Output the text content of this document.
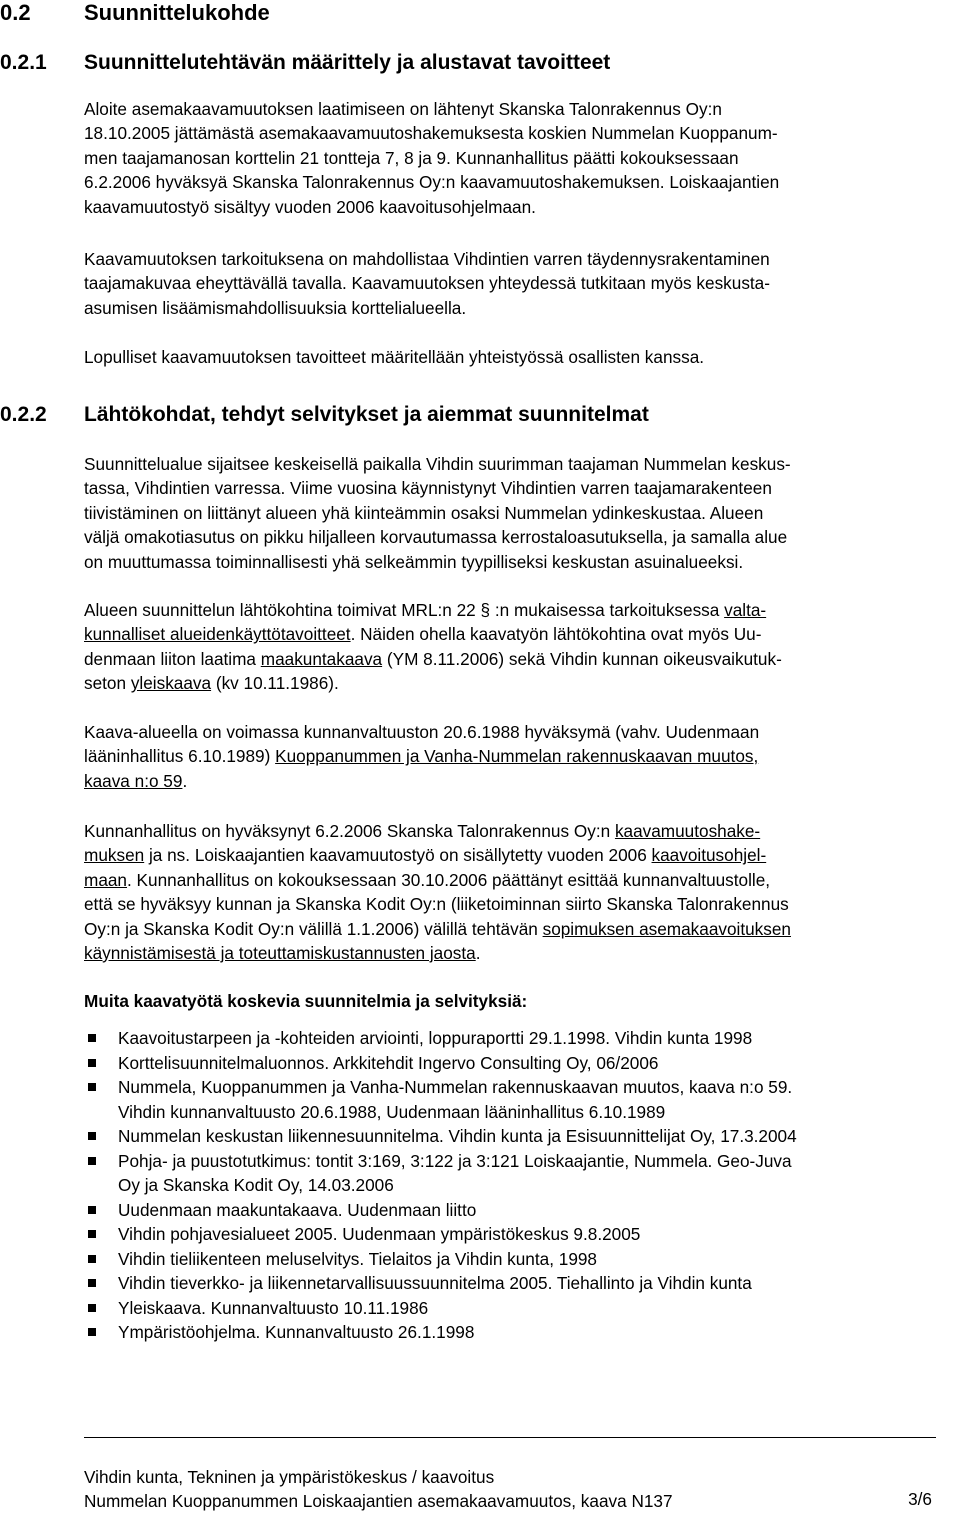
0.2 Suunnittelukohde
0.2.1 Suunnittelutehtävän määrittely ja alustavat tavoitteet
Aloite asemakaavamuutoksen laatimiseen on lähtenyt Skanska Talonrakennus Oy:n
18.10.2005 jättämästä asemakaavamuutoshakemuksesta koskien Nummelan Kuoppanum-
men taajamanosan korttelin 21 tontteja 7, 8 ja 9. Kunnanhallitus päätti kokouksessaan
6.2.2006 hyväksyä Skanska Talonrakennus Oy:n kaavamuutoshakemuksen. Loiskaajantien
kaavamuutostyö sisältyy vuoden 2006 kaavoitusohjelmaan.
Kaavamuutoksen tarkoituksena on mahdollistaa Vihdintien varren täydennysrakentaminen
taajamakuvaa eheyttävällä tavalla. Kaavamuutoksen yhteydessä tutkitaan myös keskusta-
asumisen lisäämismahdollisuuksia korttelialueella.
Lopulliset kaavamuutoksen tavoitteet määritellään yhteistyössä osallisten kanssa.
0.2.2 Lähtökohdat, tehdyt selvitykset ja aiemmat suunnitelmat
Suunnittelualue sijaitsee keskeisellä paikalla Vihdin suurimman taajaman Nummelan keskus-
tassa, Vihdintien varressa. Viime vuosina käynnistynyt Vihdintien varren taajamarakenteen
tiivistäminen on liittänyt alueen yhä kiinteämmin osaksi Nummelan ydinkeskustaa. Alueen
väljä omakotiasutus on pikku hiljalleen korvautumassa kerrostaloasutuksella, ja samalla alue
on muuttumassa toiminnallisesti yhä selkeämmin tyypilliseksi keskustan asuinalueeksi.
Alueen suunnittelun lähtökohtina toimivat MRL:n 22 § :n mukaisessa tarkoituksessa valta-
kunnalliset alueidenkäyttötavoitteet. Näiden ohella kaavatyön lähtökohtina ovat myös Uu-
denmaan liiton laatima maakuntakaava (YM 8.11.2006) sekä Vihdin kunnan oikeusvaikutuk-
seton yleiskaava (kv 10.11.1986).
Kaava-alueella on voimassa kunnanvaltuuston 20.6.1988 hyväksymä (vahv. Uudenmaan
lääninhallitus 6.10.1989) Kuoppanummen ja Vanha-Nummelan rakennuskaavan muutos,
kaava n:o 59.
Kunnanhallitus on hyväksynyt 6.2.2006 Skanska Talonrakennus Oy:n kaavamuutoshake-
muksen ja ns. Loiskaajantien kaavamuutostyö on sisällytetty vuoden 2006 kaavoitusohjel-
maan. Kunnanhallitus on kokouksessaan 30.10.2006 päättänyt esittää kunnanvaltuustolle,
että se hyväksyy kunnan ja Skanska Kodit Oy:n (liiketoiminnan siirto Skanska Talonrakennus
Oy:n ja Skanska Kodit Oy:n välillä 1.1.2006) välillä tehtävän sopimuksen asemakaavoituksen
käynnistämisestä ja toteuttamiskustannusten jaosta.
Muita kaavatyötä koskevia suunnitelmia ja selvityksiä:
Kaavoitustarpeen ja -kohteiden arviointi, loppuraportti 29.1.1998. Vihdin kunta 1998
Korttelisuunnitelmaluonnos. Arkkitehdit Ingervo Consulting Oy, 06/2006
Nummela, Kuoppanummen ja Vanha-Nummelan rakennuskaavan muutos, kaava n:o 59.
Vihdin kunnanvaltuusto 20.6.1988, Uudenmaan lääninhallitus 6.10.1989
Nummelan keskustan liikennesuunnitelma. Vihdin kunta ja Esisuunnittelijat Oy, 17.3.2004
Pohja- ja puustotutkimus: tontit 3:169, 3:122 ja 3:121 Loiskaajantie, Nummela. Geo-Juva
Oy ja Skanska Kodit Oy, 14.03.2006
Uudenmaan maakuntakaava. Uudenmaan liitto
Vihdin pohjavesialueet 2005. Uudenmaan ympäristökeskus 9.8.2005
Vihdin tieliikenteen meluselvitys. Tielaitos ja Vihdin kunta, 1998
Vihdin tieverkko- ja liikennetarvallisuussuunnitelma 2005. Tiehallinto ja Vihdin kunta
Yleiskaava. Kunnanvaltuusto 10.11.1986
Ympäristöohjelma. Kunnanvaltuusto 26.1.1998
Vihdin kunta, Tekninen ja ympäristökeskus / kaavoitus
Nummelan Kuoppanummen Loiskaajantien asemakaavamuutos, kaava N137	3/6
